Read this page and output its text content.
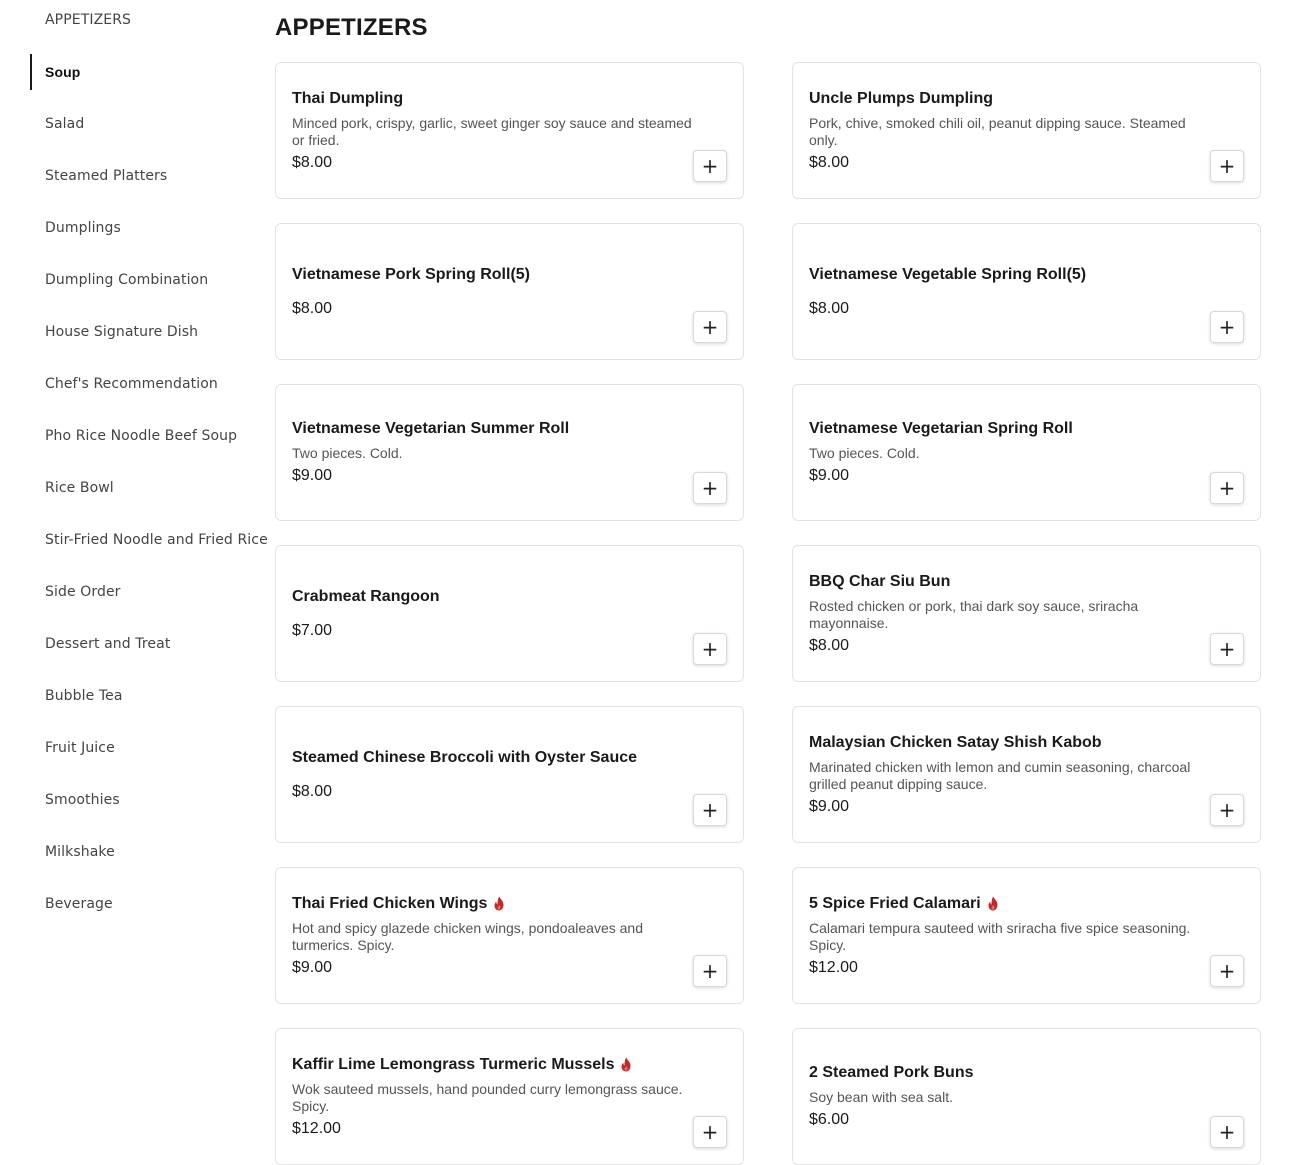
APPETIZERS
Soup
Salad
Steamed Platters
Dumplings
Dumpling Combination
House Signature Dish
Chef's Recommendation
Pho Rice Noodle Beef Soup
Rice Bowl
Stir-Fried Noodle and Fried Rice
Side Order
Dessert and Treat
Bubble Tea
Fruit Juice
Smoothies
Milkshake
Beverage
APPETIZERS
Thai Dumpling
Minced pork, crispy, garlic, sweet ginger soy sauce and steamed or fried.
$8.00	+
Uncle Plumps Dumpling
Pork, chive, smoked chili oil, peanut dipping sauce. Steamed only.
$8.00	+
Vietnamese Pork Spring Roll(5)
$8.00
+
Vietnamese Vegetable Spring Roll(5)
$8.00
+
Vietnamese Vegetarian Summer Roll
Two pieces. Cold.
$9.00
+
Vietnamese Vegetarian Spring Roll
Two pieces. Cold.
$9.00
+
Crabmeat Rangoon
$7.00
+
BBQ Char Siu Bun
Rosted chicken or pork, thai dark soy sauce, sriracha mayonnaise.
$8.00	+
Steamed Chinese Broccoli with Oyster Sauce
$8.00
+
Malaysian Chicken Satay Shish Kabob
Marinated chicken with lemon and cumin seasoning, charcoal grilled peanut dipping sauce.
$9.00	+
Thai Fried Chicken Wings
Hot and spicy glazede chicken wings, pondoaleaves and turmerics. Spicy.
$9.00	+
5 Spice Fried Calamari
Calamari tempura sauteed with sriracha five spice seasoning. Spicy.
$12.00	+
Kaffir Lime Lemongrass Turmeric Mussels
Wok sauteed mussels, hand pounded curry lemongrass sauce. Spicy.
$12.00	+
2 Steamed Pork Buns
Soy bean with sea salt.
$6.00
+
